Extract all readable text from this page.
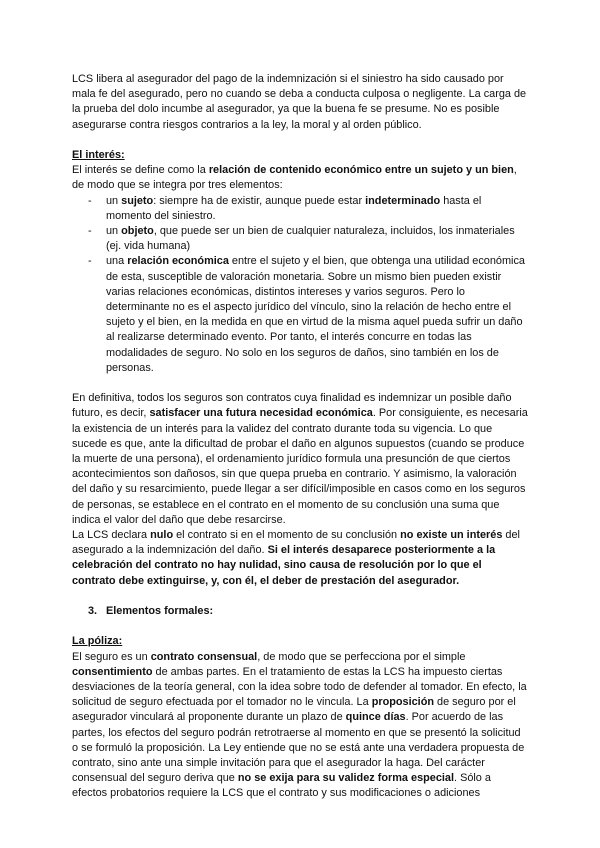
LCS libera al asegurador del pago de la indemnización si el siniestro ha sido causado por mala fe del asegurado, pero no cuando se deba a conducta culposa o negligente. La carga de la prueba del dolo incumbe al asegurador, ya que la buena fe se presume. No es posible asegurarse contra riesgos contrarios a la ley, la moral y al orden público.

El interés:

El interés se define como la relación de contenido económico entre un sujeto y un bien, de modo que se integra por tres elementos:

- un sujeto: siempre ha de existir, aunque puede estar indeterminado hasta el momento del siniestro.
- un objeto, que puede ser un bien de cualquier naturaleza, incluidos, los inmateriales (ej. vida humana)
- una relación económica entre el sujeto y el bien, que obtenga una utilidad económica de esta, susceptible de valoración monetaria. Sobre un mismo bien pueden existir varias relaciones económicas, distintos intereses y varios seguros. Pero lo determinante no es el aspecto jurídico del vínculo, sino la relación de hecho entre el sujeto y el bien, en la medida en que en virtud de la misma aquel pueda sufrir un daño al realizarse determinado evento. Por tanto, el interés concurre en todas las modalidades de seguro. No solo en los seguros de daños, sino también en los de personas.

En definitiva, todos los seguros son contratos cuya finalidad es indemnizar un posible daño futuro, es decir, satisfacer una futura necesidad económica. Por consiguiente, es necesaria la existencia de un interés para la validez del contrato durante toda su vigencia. Lo que sucede es que, ante la dificultad de probar el daño en algunos supuestos (cuando se produce la muerte de una persona), el ordenamiento jurídico formula una presunción de que ciertos acontecimientos son dañosos, sin que quepa prueba en contrario. Y asimismo, la valoración del daño y su resarcimiento, puede llegar a ser difícil/imposible en casos como en los seguros de personas, se establece en el contrato en el momento de su conclusión una suma que indica el valor del daño que debe resarcirse.

La LCS declara nulo el contrato si en el momento de su conclusión no existe un interés del asegurado a la indemnización del daño. Si el interés desaparece posteriormente a la celebración del contrato no hay nulidad, sino causa de resolución por lo que el contrato debe extinguirse, y, con él, el deber de prestación del asegurador.

3. Elementos formales:

La póliza:

El seguro es un contrato consensual, de modo que se perfecciona por el simple consentimiento de ambas partes. En el tratamiento de estas la LCS ha impuesto ciertas desviaciones de la teoría general, con la idea sobre todo de defender al tomador. En efecto, la solicitud de seguro efectuada por el tomador no le vincula. La proposición de seguro por el asegurador vinculará al proponente durante un plazo de quince días. Por acuerdo de las partes, los efectos del seguro podrán retrotraerse al momento en que se presentó la solicitud o se formuló la proposición. La Ley entiende que no se está ante una verdadera propuesta de contrato, sino ante una simple invitación para que el asegurador la haga. Del carácter consensual del seguro deriva que no se exija para su validez forma especial. Sólo a efectos probatorios requiere la LCS que el contrato y sus modificaciones o adiciones
